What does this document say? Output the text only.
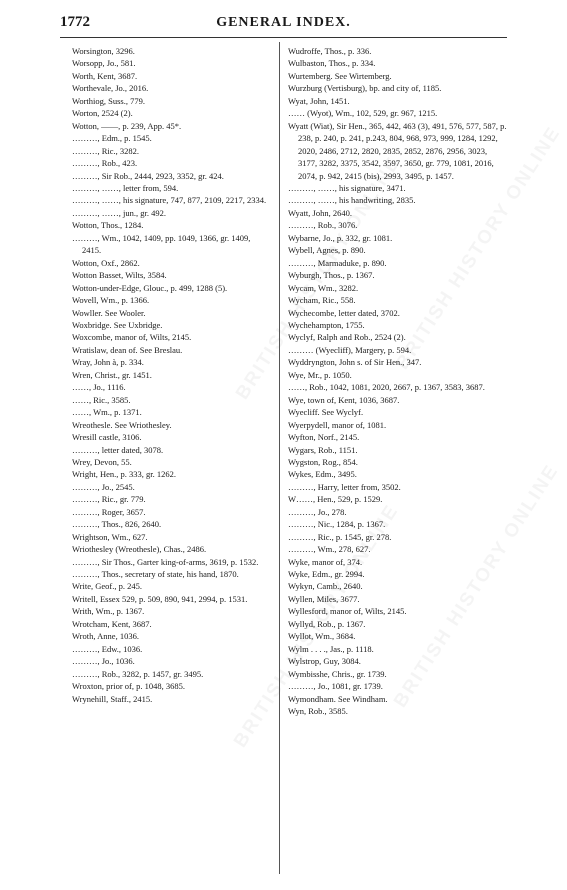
1772	GENERAL INDEX.
Worsington, 3296.
Worsopp, Jo., 581.
Worth, Kent, 3687.
Worthevale, Jo., 2016.
Worthiog, Suss., 779.
Worton, 2524 (2).
Wotton, ——, p. 239, App. 45*.
………, Edm., p. 1545.
………, Ric., 3282.
………, Rob., 423.
………, Sir Rob., 2444, 2923, 3352, gr. 424.
………, ……, letter from, 594.
………, ……, his signature, 747, 877, 2109, 2217, 2334.
………, ……, jun., gr. 492.
Wotton, Thos., 1284.
………, Wm., 1042, 1409, pp. 1049, 1366, gr. 1409, 2415.
Wotton, Oxf., 2862.
Wotton Basset, Wilts, 3584.
Wotton-under-Edge, Glouc., p. 499, 1288 (5).
Wovell, Wm., p. 1366.
Wowller. See Wooler.
Woxbridge. See Uxbridge.
Woxcombe, manor of, Wilts, 2145.
Wratislaw, dean of. See Breslau.
Wray, John à, p. 334.
Wren, Christ., gr. 1451.
……, Jo., 1116.
……, Ric., 3585.
……, Wm., p. 1371.
Wreothesle. See Wriothesley.
Wresill castle, 3106.
………, letter dated, 3078.
Wrey, Devon, 55.
Wright, Hen., p. 333, gr. 1262.
………, Jo., 2545.
………, Ric., gr. 779.
………, Roger, 3657.
………, Thos., 826, 2640.
Wrightson, Wm., 627.
Wriothesley (Wreothesle), Chas., 2486.
………, Sir Thos., Garter king-of-arms, 3619, p. 1532.
………, Thos., secretary of state, his hand, 1870.
Write, Geof., p. 245.
Writell, Essex 529, p. 509, 890, 941, 2994, p. 1531.
Writh, Wm., p. 1367.
Wrotcham, Kent, 3687.
Wroth, Anne, 1036.
………, Edw., 1036.
………, Jo., 1036.
………, Rob., 3282, p. 1457, gr. 3495.
Wroxton, prior of, p. 1048, 3685.
Wrynehill, Staff., 2415.
Wudroffe, Thos., p. 336.
Wulbaston, Thos., p. 334.
Wurtemberg. See Wirtemberg.
Wurzburg (Vertisburg), bp. and city of, 1185.
Wyat, John, 1451.
…… (Wyot), Wm., 102, 529, gr. 967, 1215.
Wyatt (Wiat), Sir Hen., 365, 442, 463 (3), 491, 576, 577, 587, p. 238, p. 240, p. 241, p.243, 804, 968, 973, 999, 1284, 1292, 2020, 2486, 2712, 2820, 2835, 2852, 2876, 2956, 3023, 3177, 3282, 3375, 3542, 3597, 3650, gr. 779, 1081, 2016, 2074, p. 942, 2415 (bis), 2993, 3495, p. 1457.
………, ……, his signature, 3471.
………, ……, his handwriting, 2835.
Wyatt, John, 2640.
………, Rob., 3076.
Wybarne, Jo., p. 332, gr. 1081.
Wybell, Agnes, p. 890.
………, Marmaduke, p. 890.
Wyburgh, Thos., p. 1367.
Wycam, Wm., 3282.
Wycham, Ric., 558.
Wychecombe, letter dated, 3702.
Wychehampton, 1755.
Wyclyf, Ralph and Rob., 2524 (2).
……… (Wyecliff), Margery, p. 594.
Wyddryngton, John s. of Sir Hen., 347.
Wye, Mr., p. 1050.
……, Rob., 1042, 1081, 2020, 2667, p. 1367, 3583, 3687.
Wye, town of, Kent, 1036, 3687.
Wyecliff. See Wyclyf.
Wyerpydell, manor of, 1081.
Wyfton, Norf., 2145.
Wygars, Rob., 1151.
Wygston, Rog., 854.
Wykes, Edm., 3495.
………, Harry, letter from, 3502.
W……, Hen., 529, p. 1529.
………, Jo., 278.
………, Nic., 1284, p. 1367.
………, Ric., p. 1545, gr. 278.
………, Wm., 278, 627.
Wyke, manor of, 374.
Wyke, Edm., gr. 2994.
Wykyn, Camb., 2640.
Wyllen, Miles, 3677.
Wyllesford, manor of, Wilts, 2145.
Wyllyd, Rob., p. 1367.
Wyllot, Wm., 3684.
Wylm . . . ., Jas., p. 1118.
Wylstrop, Guy, 3084.
Wymbisshe, Chris., gr. 1739.
………, Jo., 1081, gr. 1739.
Wymondham. See Windham.
Wyn, Rob., 3585.
